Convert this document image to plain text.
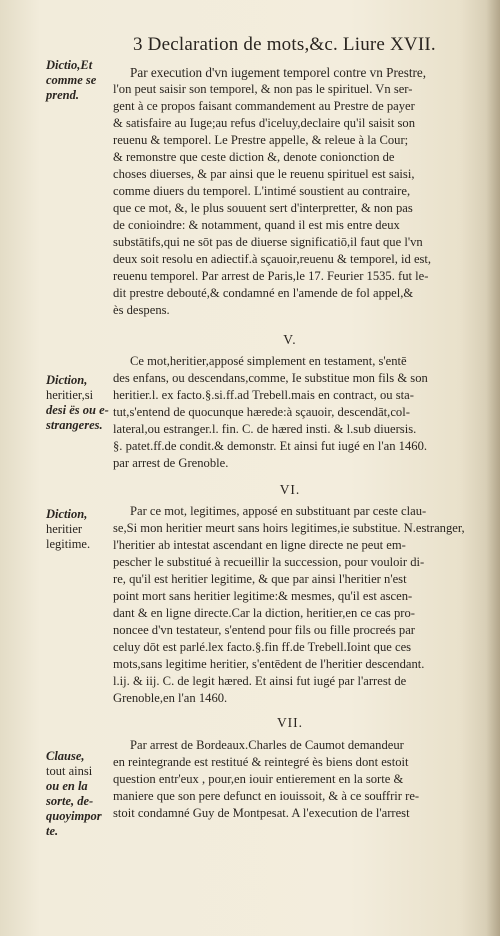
3 Declaration de mots,&c. Liure XVII.
Dictio,Et
comme se
prend.
Diction,
heritier,si
desi ës ou e-
strangeres.
Diction,
heritier
legitime.
Clause,
tout ainsi
ou en la
sorte, de-
quoyimpor
te.
Par execution d'vn iugement temporel contre vn Prestre,
l'on peut saisir son temporel, & non pas le spirituel. Vn ser-
gent à ce propos faisant commandement au Prestre de payer
& satisfaire au Iuge;au refus d'iceluy,declaire qu'il saisit son
reuenu & temporel. Le Prestre appelle, & releue à la Cour;
& remonstre que ceste diction &, denote conionction de
choses diuerses, & par ainsi que le reuenu spirituel est saisi,
comme diuers du temporel. L'intimé soustient au contraire,
que ce mot, &, le plus souuent sert d'interpretter, & non pas
de conioindre: & notamment, quand il est mis entre deux
substātifs,qui ne sōt pas de diuerse significatiō,il faut que l'vn
deux soit resolu en adiectif.à sçauoir,reuenu & temporel, id est,
reuenu temporel. Par arrest de Paris,le 17. Feurier 1535. fut le-
dit prestre debouté,& condamné en l'amende de fol appel,&
ès despens.
V.
Ce mot,heritier,apposé simplement en testament, s'entē
des enfans, ou descendans,comme, Ie substitue mon fils & son
heritier.l. ex facto.§.si.ff.ad Trebell.mais en contract, ou sta-
tut,s'entend de quocunque hærede:à sçauoir, descendāt,col-
lateral,ou estranger.l. fin. C. de hæred insti. & l.sub diuersis.
§. patet.ff.de condit.& demonstr. Et ainsi fut iugé en l'an 1460.
par arrest de Grenoble.
VI.
Par ce mot, legitimes, apposé en substituant par ceste clau-
se,Si mon heritier meurt sans hoirs legitimes,ie substitue. N.estranger,
l'heritier ab intestat ascendant en ligne directe ne peut em-
pescher le substitué à recueillir la succession, pour vouloir di-
re, qu'il est heritier legitime, & que par ainsi l'heritier n'est
point mort sans heritier legitime:& mesmes, qu'il est ascen-
dant & en ligne directe.Car la diction, heritier,en ce cas pro-
noncee d'vn testateur, s'entend pour fils ou fille procreés par
celuy dōt est parlé.lex facto.§.fin ff.de Trebell.Ioint que ces
mots,sans legitime heritier, s'entēdent de l'heritier descendant.
l.ij. & iij. C. de legit hæred. Et ainsi fut iugé par l'arrest de
Grenoble,en l'an 1460.
VII.
Par arrest de Bordeaux.Charles de Caumot demandeur
en reintegrande est restitué & reintegré ès biens dont estoit
question entr'eux , pour,en iouir entierement en la sorte &
maniere que son pere defunct en iouissoit, & à ce souffrir re-
stoit condamné Guy de Montpesat. A l'execution de l'arrest
